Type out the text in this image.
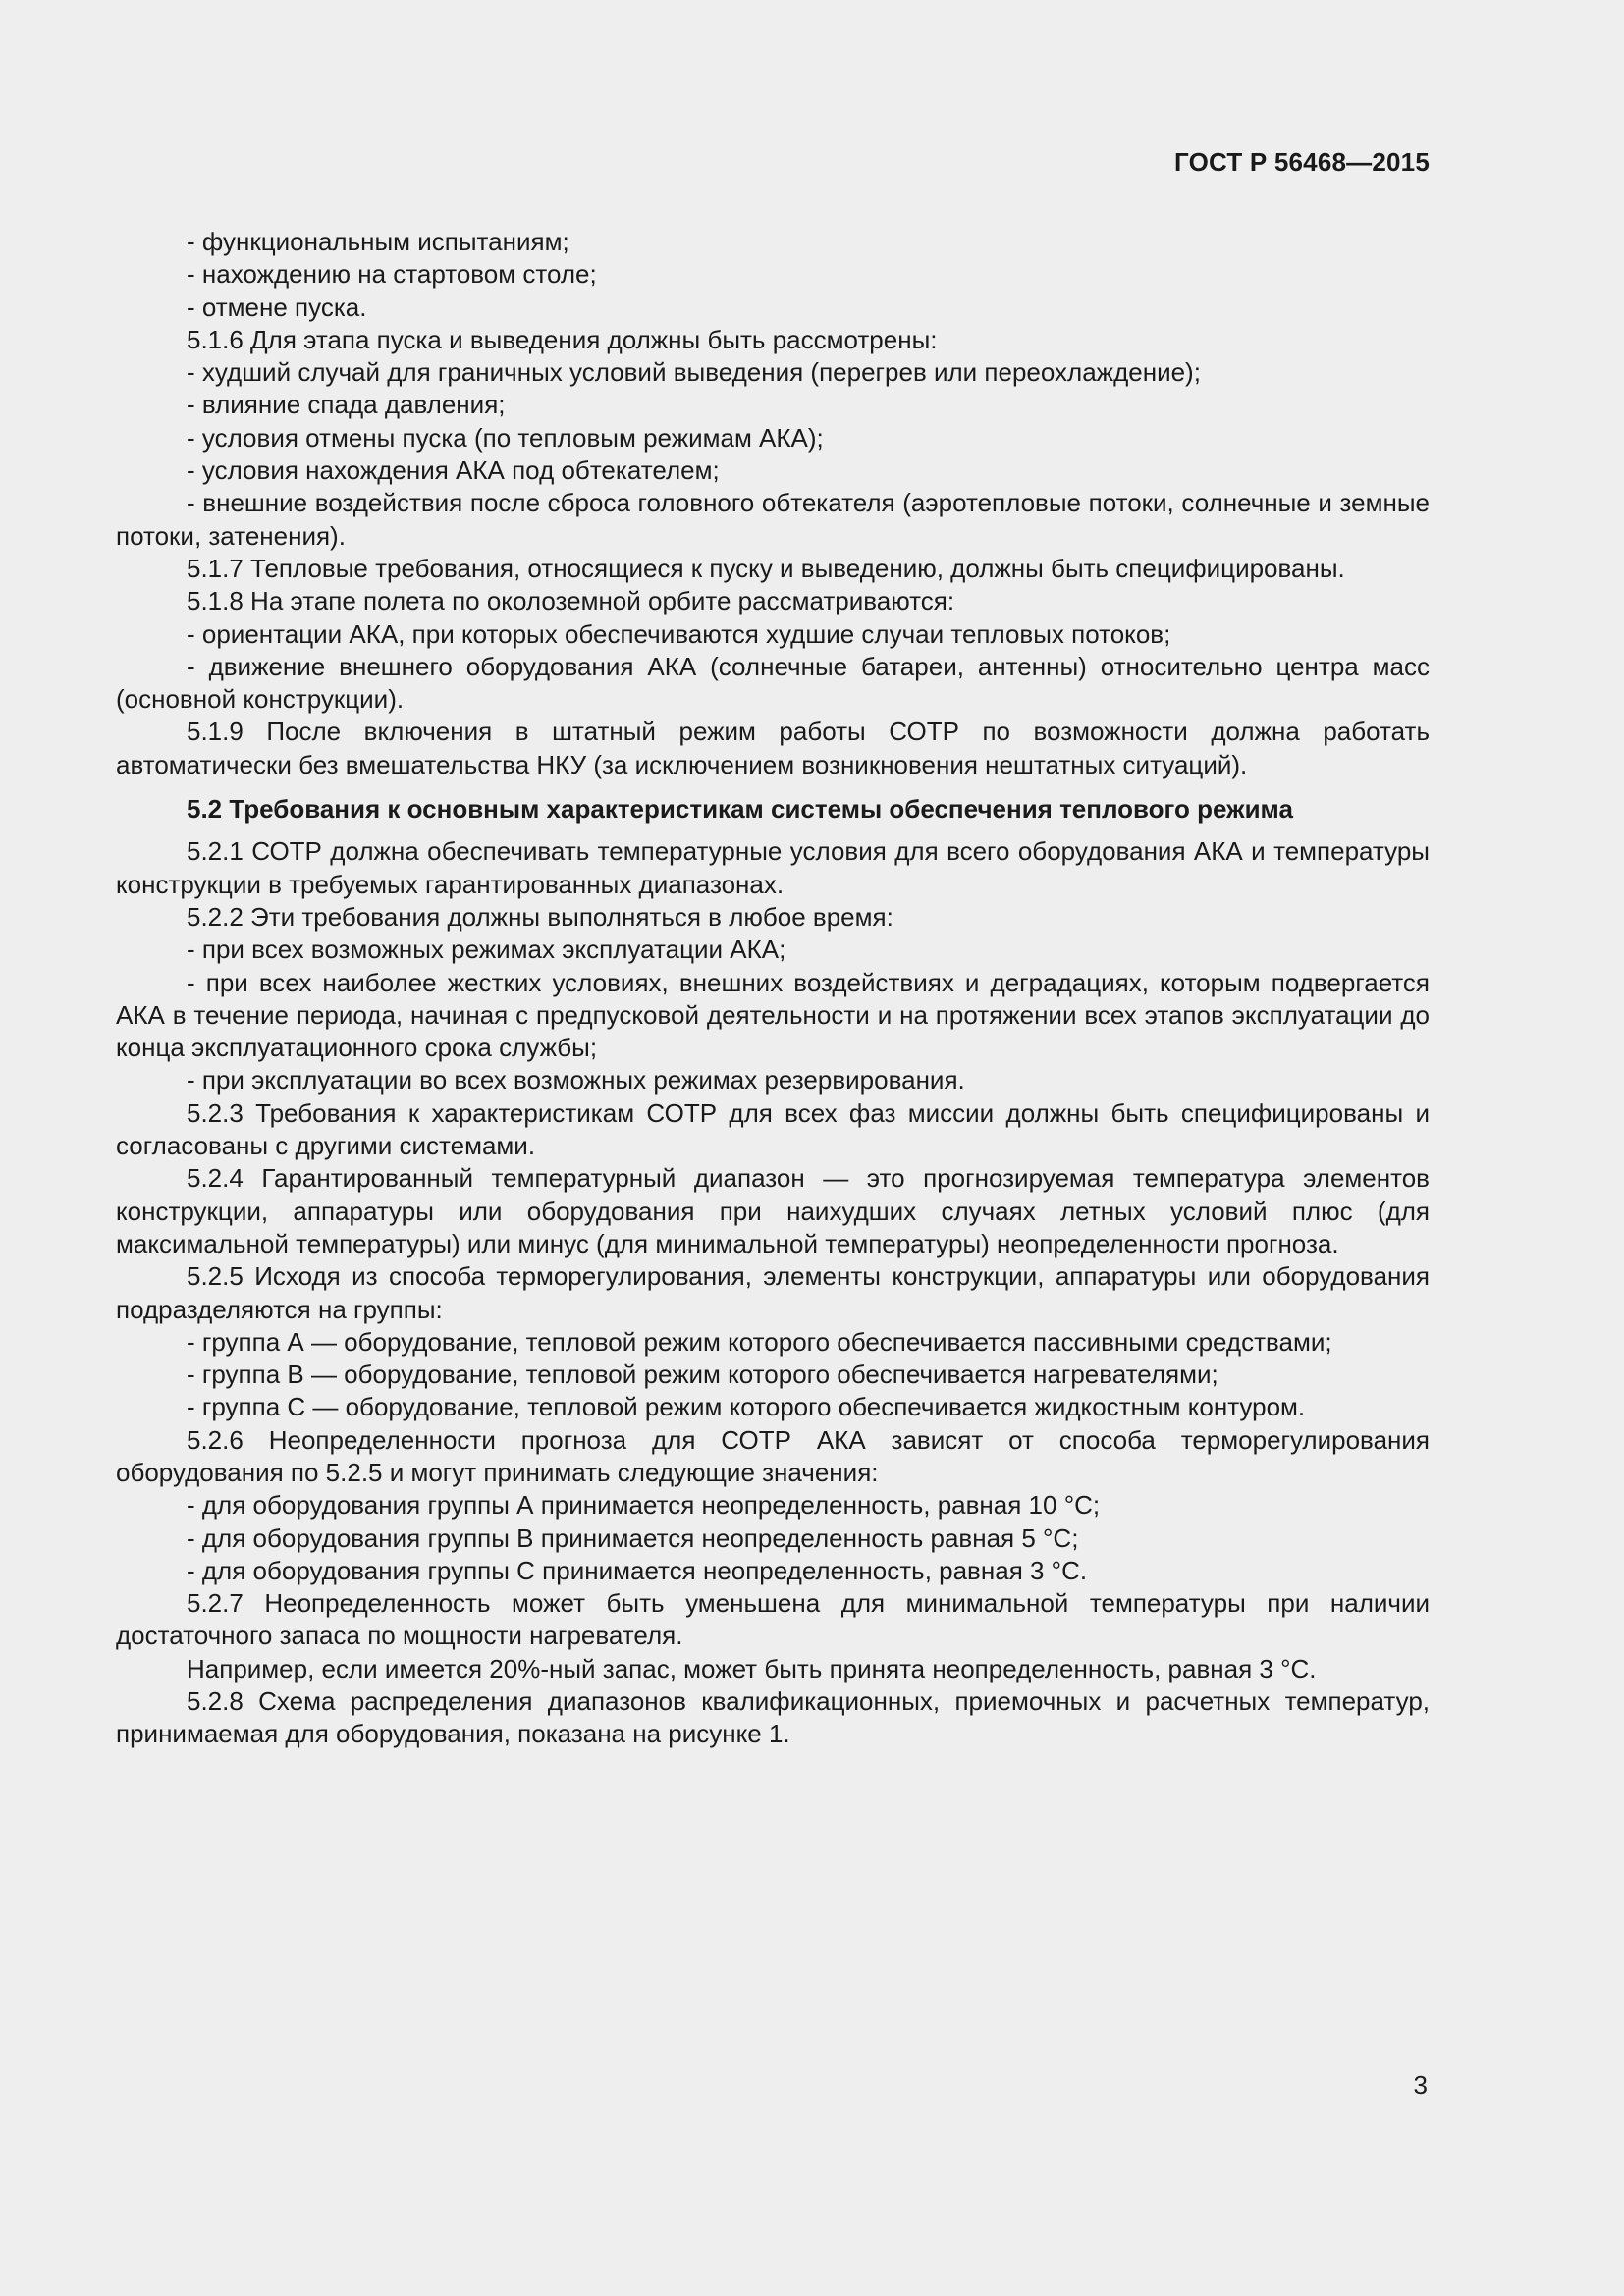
ГОСТ Р 56468—2015

- функциональным испытаниям;

- нахождению на стартовом столе;

- отмене пуска.

5.1.6 Для этапа пуска и выведения должны быть рассмотрены:

- худший случай для граничных условий выведения (перегрев или переохлаждение);

- влияние спада давления;

- условия отмены пуска (по тепловым режимам АКА);

- условия нахождения АКА под обтекателем;

- внешние воздействия после сброса головного обтекателя (аэротепловые потоки, солнечные и земные потоки, затенения).

5.1.7 Тепловые требования, относящиеся к пуску и выведению, должны быть специфицированы.

5.1.8 На этапе полета по околоземной орбите рассматриваются:

- ориентации АКА, при которых обеспечиваются худшие случаи тепловых потоков;

- движение внешнего оборудования АКА (солнечные батареи, антенны) относительно центра масс (основной конструкции).

5.1.9 После включения в штатный режим работы СОТР по возможности должна работать автоматически без вмешательства НКУ (за исключением возникновения нештатных ситуаций).

5.2 Требования к основным характеристикам системы обеспечения теплового режима

5.2.1 СОТР должна обеспечивать температурные условия для всего оборудования АКА и температуры конструкции в требуемых гарантированных диапазонах.

5.2.2 Эти требования должны выполняться в любое время:

- при всех возможных режимах эксплуатации АКА;

- при всех наиболее жестких условиях, внешних воздействиях и деградациях, которым подвергается АКА в течение периода, начиная с предпусковой деятельности и на протяжении всех этапов эксплуатации до конца эксплуатационного срока службы;

- при эксплуатации во всех возможных режимах резервирования.

5.2.3 Требования к характеристикам СОТР для всех фаз миссии должны быть специфицированы и согласованы с другими системами.

5.2.4 Гарантированный температурный диапазон — это прогнозируемая температура элементов конструкции, аппаратуры или оборудования при наихудших случаях летных условий плюс (для максимальной температуры) или минус (для минимальной температуры) неопределенности прогноза.

5.2.5 Исходя из способа терморегулирования, элементы конструкции, аппаратуры или оборудования подразделяются на группы:

- группа А — оборудование, тепловой режим которого обеспечивается пассивными средствами;

- группа В — оборудование, тепловой режим которого обеспечивается нагревателями;

- группа С — оборудование, тепловой режим которого обеспечивается жидкостным контуром.

5.2.6 Неопределенности прогноза для СОТР АКА зависят от способа терморегулирования оборудования по 5.2.5 и могут принимать следующие значения:

- для оборудования группы А принимается неопределенность, равная 10 °С;

- для оборудования группы В принимается неопределенность равная 5 °С;

- для оборудования группы С принимается неопределенность, равная 3 °С.

5.2.7 Неопределенность может быть уменьшена для минимальной температуры при наличии достаточного запаса по мощности нагревателя.

Например, если имеется 20%-ный запас, может быть принята неопределенность, равная 3 °С.

5.2.8 Схема распределения диапазонов квалификационных, приемочных и расчетных температур, принимаемая для оборудования, показана на рисунке 1.

3
